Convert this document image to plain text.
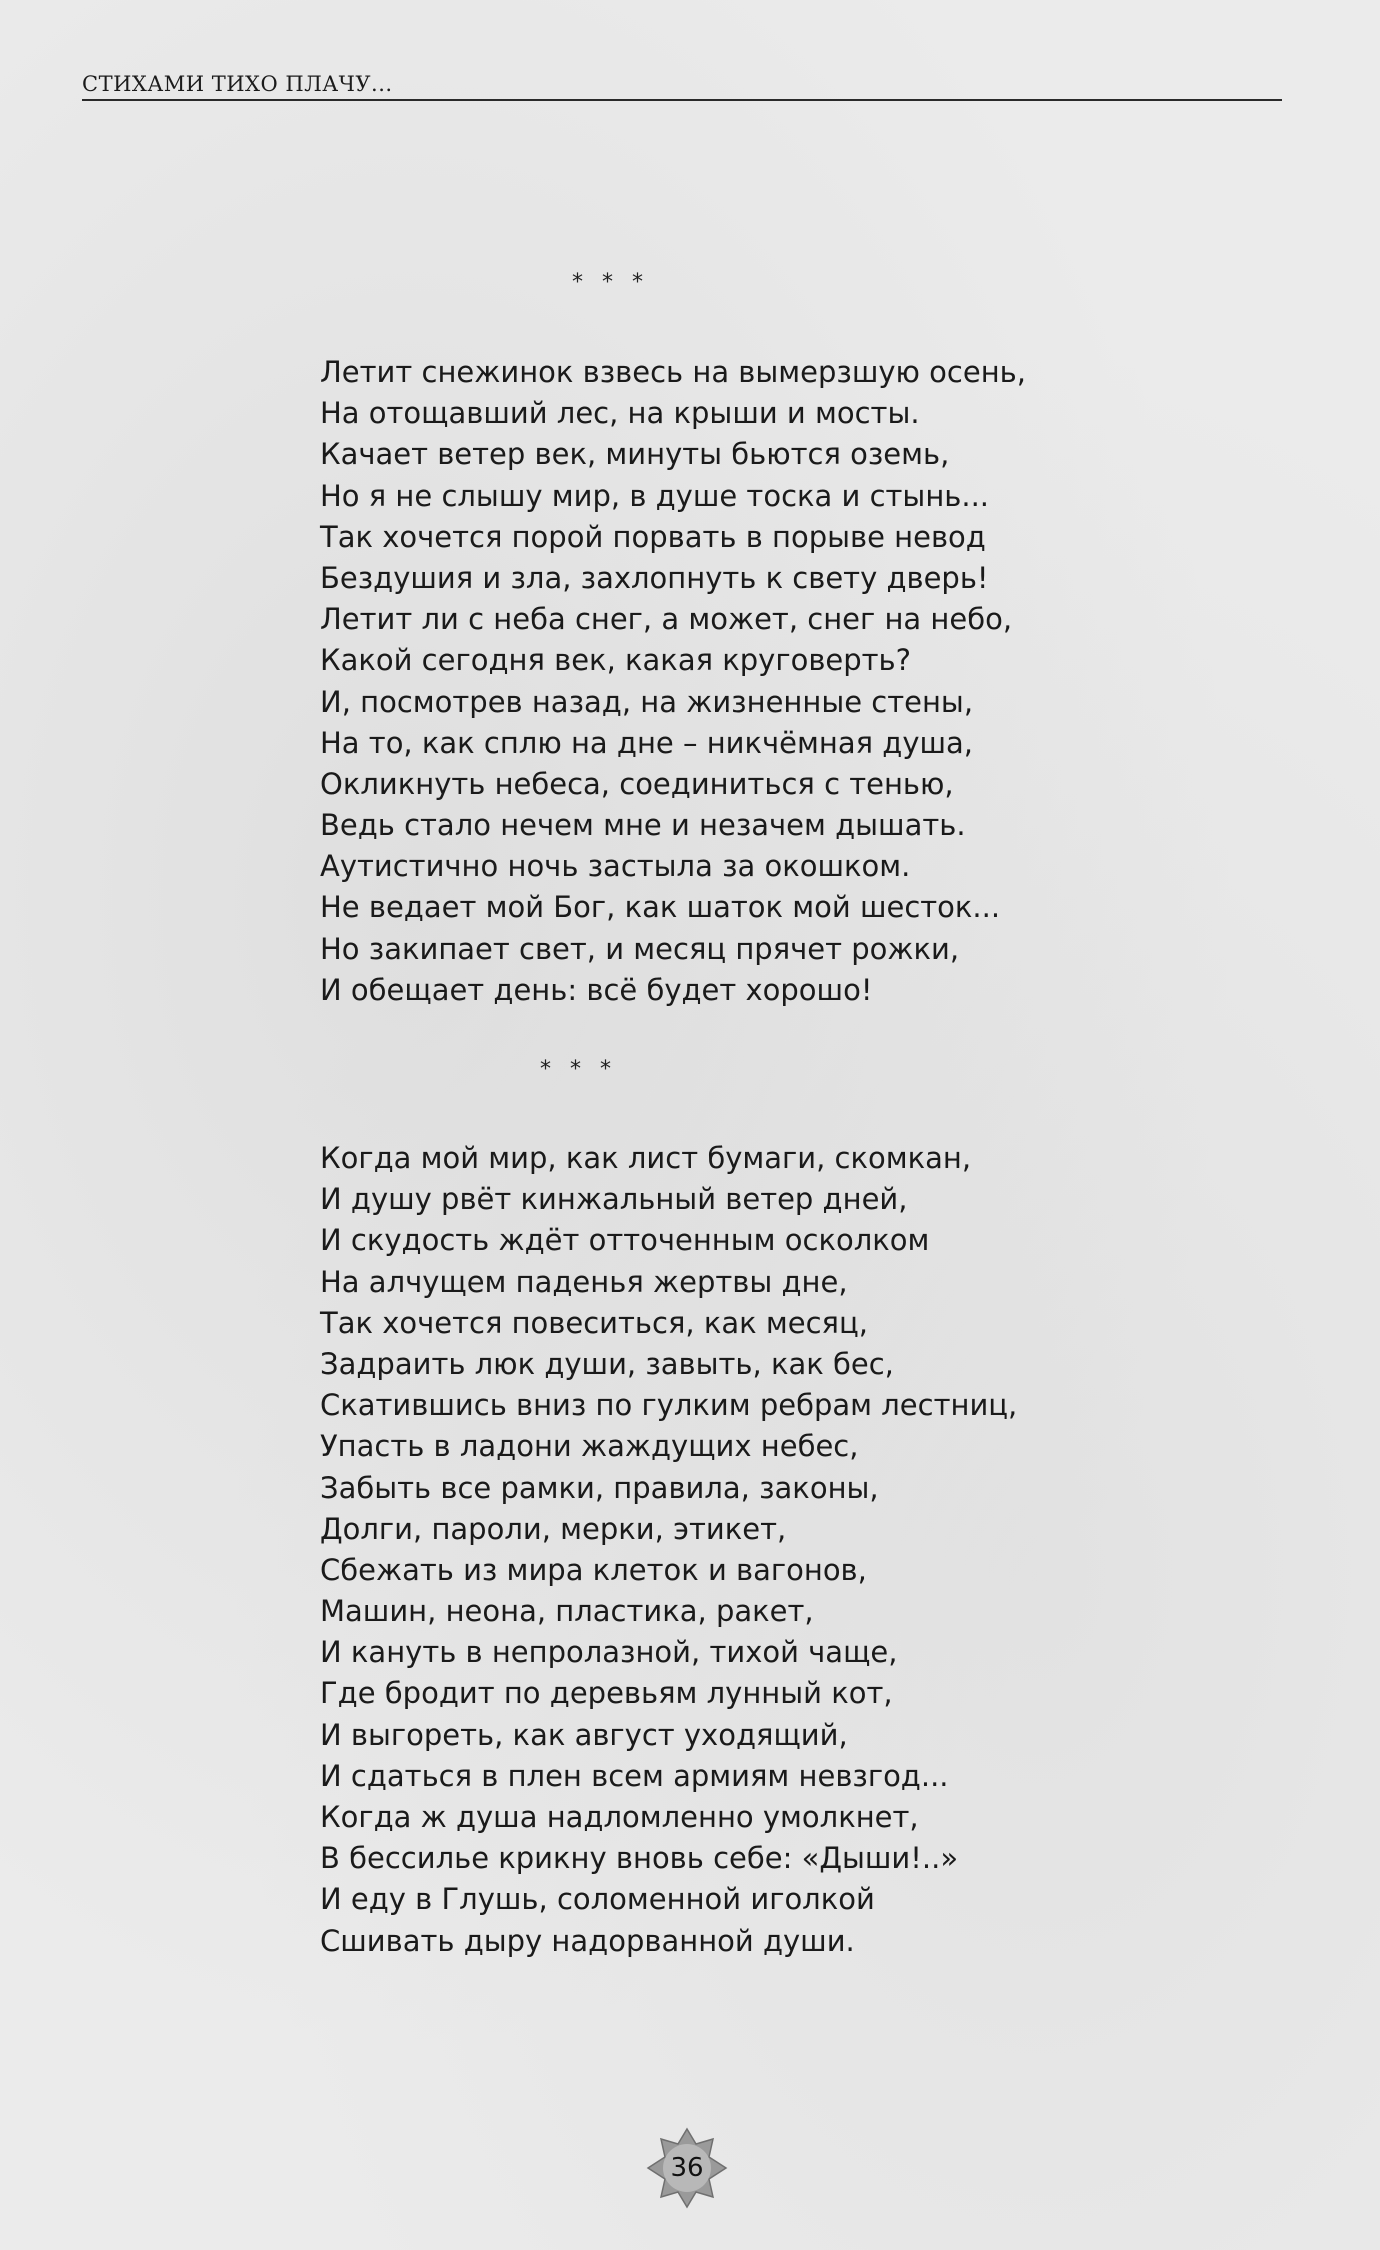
СТИХАМИ ТИХО ПЛАЧУ...
* * *
Летит снежинок взвесь на вымерзшую осень,
На отощавший лес, на крыши и мосты.
Качает ветер век, минуты бьются оземь,
Но я не слышу мир, в душе тоска и стынь...
Так хочется порой порвать в порыве невод
Бездушия и зла, захлопнуть к свету дверь!
Летит ли с неба снег, а может, снег на небо,
Какой сегодня век, какая круговерть?
И, посмотрев назад, на жизненные стены,
На то, как сплю на дне – никчёмная душа,
Окликнуть небеса, соединиться с тенью,
Ведь стало нечем мне и незачем дышать.
Аутистично ночь застыла за окошком.
Не ведает мой Бог, как шаток мой шесток...
Но закипает свет, и месяц прячет рожки,
И обещает день: всё будет хорошо!
* * *
Когда мой мир, как лист бумаги, скомкан,
И душу рвёт кинжальный ветер дней,
И скудость ждёт отточенным осколком
На алчущем паденья жертвы дне,
Так хочется повеситься, как месяц,
Задраить люк души, завыть, как бес,
Скатившись вниз по гулким ребрам лестниц,
Упасть в ладони жаждущих небес,
Забыть все рамки, правила, законы,
Долги, пароли, мерки, этикет,
Сбежать из мира клеток и вагонов,
Машин, неона, пластика, ракет,
И кануть в непролазной, тихой чаще,
Где бродит по деревьям лунный кот,
И выгореть, как август уходящий,
И сдаться в плен всем армиям невзгод...
Когда ж душа надломленно умолкнет,
В бессилье крикну вновь себе: «Дыши!..»
И еду в Глушь, соломенной иголкой
Сшивать дыру надорванной души.
36
